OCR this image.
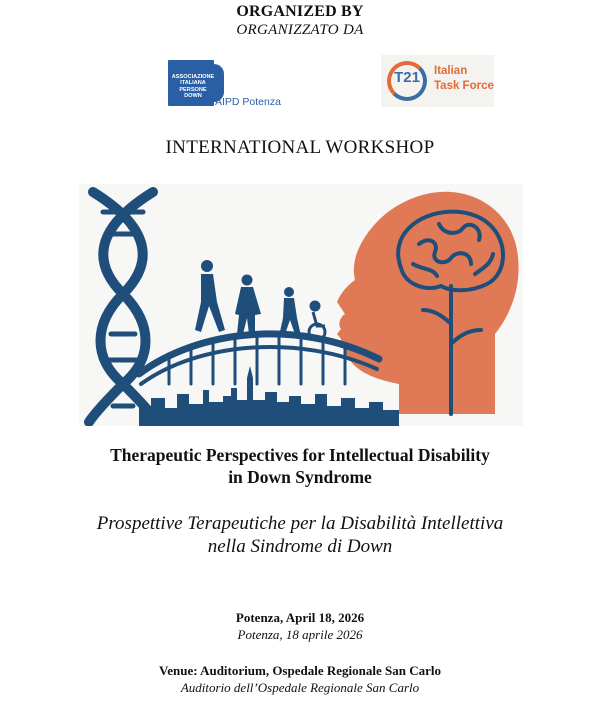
ORGANIZED BY
ORGANIZZATO DA
ASSOCIAZIONE
ITALIANA
PERSONE
DOWN	AIPD Potenza
T21	Italian
Task Force
INTERNATIONAL WORKSHOP
Therapeutic Perspectives for Intellectual Disability
in Down Syndrome
Prospettive Terapeutiche per la Disabilità Intellettiva
nella Sindrome di Down
Potenza, April 18, 2026
Potenza, 18 aprile 2026
Venue: Auditorium, Ospedale Regionale San Carlo
Auditorio dell’Ospedale Regionale San Carlo
